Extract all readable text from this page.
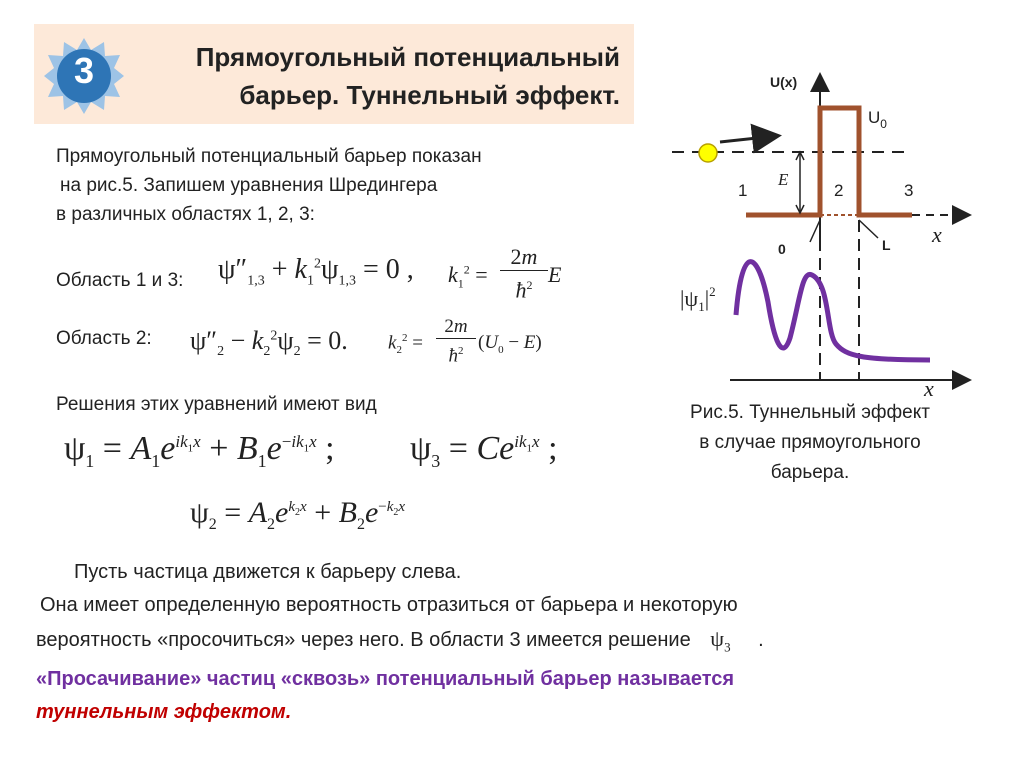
3	Прямоугольный потенциальный
барьер. Туннельный эффект.
Прямоугольный потенциальный барьер показан
на рис.5. Запишем уравнения Шредингера
в различных областях 1, 2, 3:
Область 1 и 3: $\psi''_{1,3} + k_1^2\psi_{1,3} = 0$ , $k_1^2$ =
2m
$ħ^2$ E
Область 2: $\psi''_2 - k_2^2\psi_2 = 0$. $k_2^2$ =
2m
$ħ^2$ $(U_0 - E)$
Решения этих уравнений имеют вид
$\psi_1 = A_1e^{ik_1x} + B_1e^{-ik_1x}$ ; $\psi_3 = Ce^{ik_1x}$ ;
$\psi_2 = A_2e^{k_2x} + B_2e^{-k_2x}$
U(x)
$U_0$
E
1	2	3
0	L x
x
$|\psi_1|^2$
Рис.5. Туннельный эффект
в случае прямоугольного
барьера.
Пусть частица движется к барьеру слева.
Она имеет определенную вероятность отразиться от барьера и некоторую
вероятность «просочиться» через него. В области 3 имеется решение $\psi_3$ .
«Просачивание» частиц «сквозь» потенциальный барьер называется
туннельным эффектом.
